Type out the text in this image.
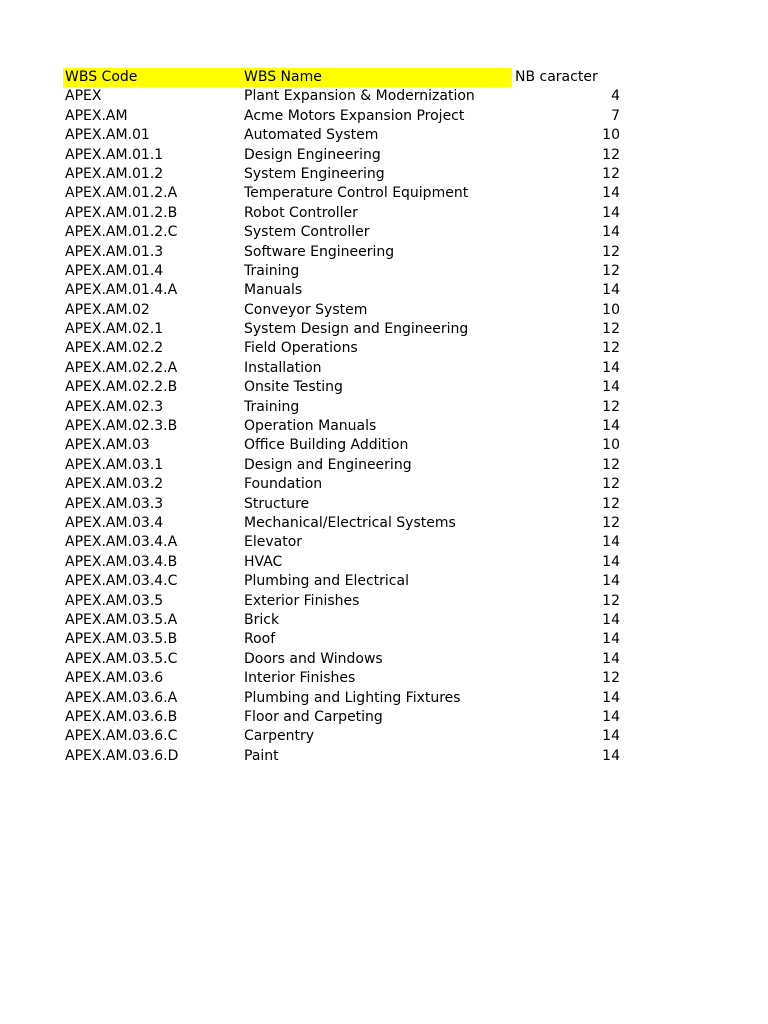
WBS Code	WBS Name	NB caracter
APEX	Plant Expansion & Modernization	4
APEX.AM	Acme Motors Expansion Project	7
APEX.AM.01	Automated System	10
APEX.AM.01.1	Design Engineering	12
APEX.AM.01.2	System Engineering	12
APEX.AM.01.2.A	Temperature Control Equipment	14
APEX.AM.01.2.B	Robot Controller	14
APEX.AM.01.2.C	System Controller	14
APEX.AM.01.3	Software Engineering	12
APEX.AM.01.4	Training	12
APEX.AM.01.4.A	Manuals	14
APEX.AM.02	Conveyor System	10
APEX.AM.02.1	System Design and Engineering	12
APEX.AM.02.2	Field Operations	12
APEX.AM.02.2.A	Installation	14
APEX.AM.02.2.B	Onsite Testing	14
APEX.AM.02.3	Training	12
APEX.AM.02.3.B	Operation Manuals	14
APEX.AM.03	Office Building Addition	10
APEX.AM.03.1	Design and Engineering	12
APEX.AM.03.2	Foundation	12
APEX.AM.03.3	Structure	12
APEX.AM.03.4	Mechanical/Electrical Systems	12
APEX.AM.03.4.A	Elevator	14
APEX.AM.03.4.B	HVAC	14
APEX.AM.03.4.C	Plumbing and Electrical	14
APEX.AM.03.5	Exterior Finishes	12
APEX.AM.03.5.A	Brick	14
APEX.AM.03.5.B	Roof	14
APEX.AM.03.5.C	Doors and Windows	14
APEX.AM.03.6	Interior Finishes	12
APEX.AM.03.6.A	Plumbing and Lighting Fixtures	14
APEX.AM.03.6.B	Floor and Carpeting	14
APEX.AM.03.6.C	Carpentry	14
APEX.AM.03.6.D	Paint	14
